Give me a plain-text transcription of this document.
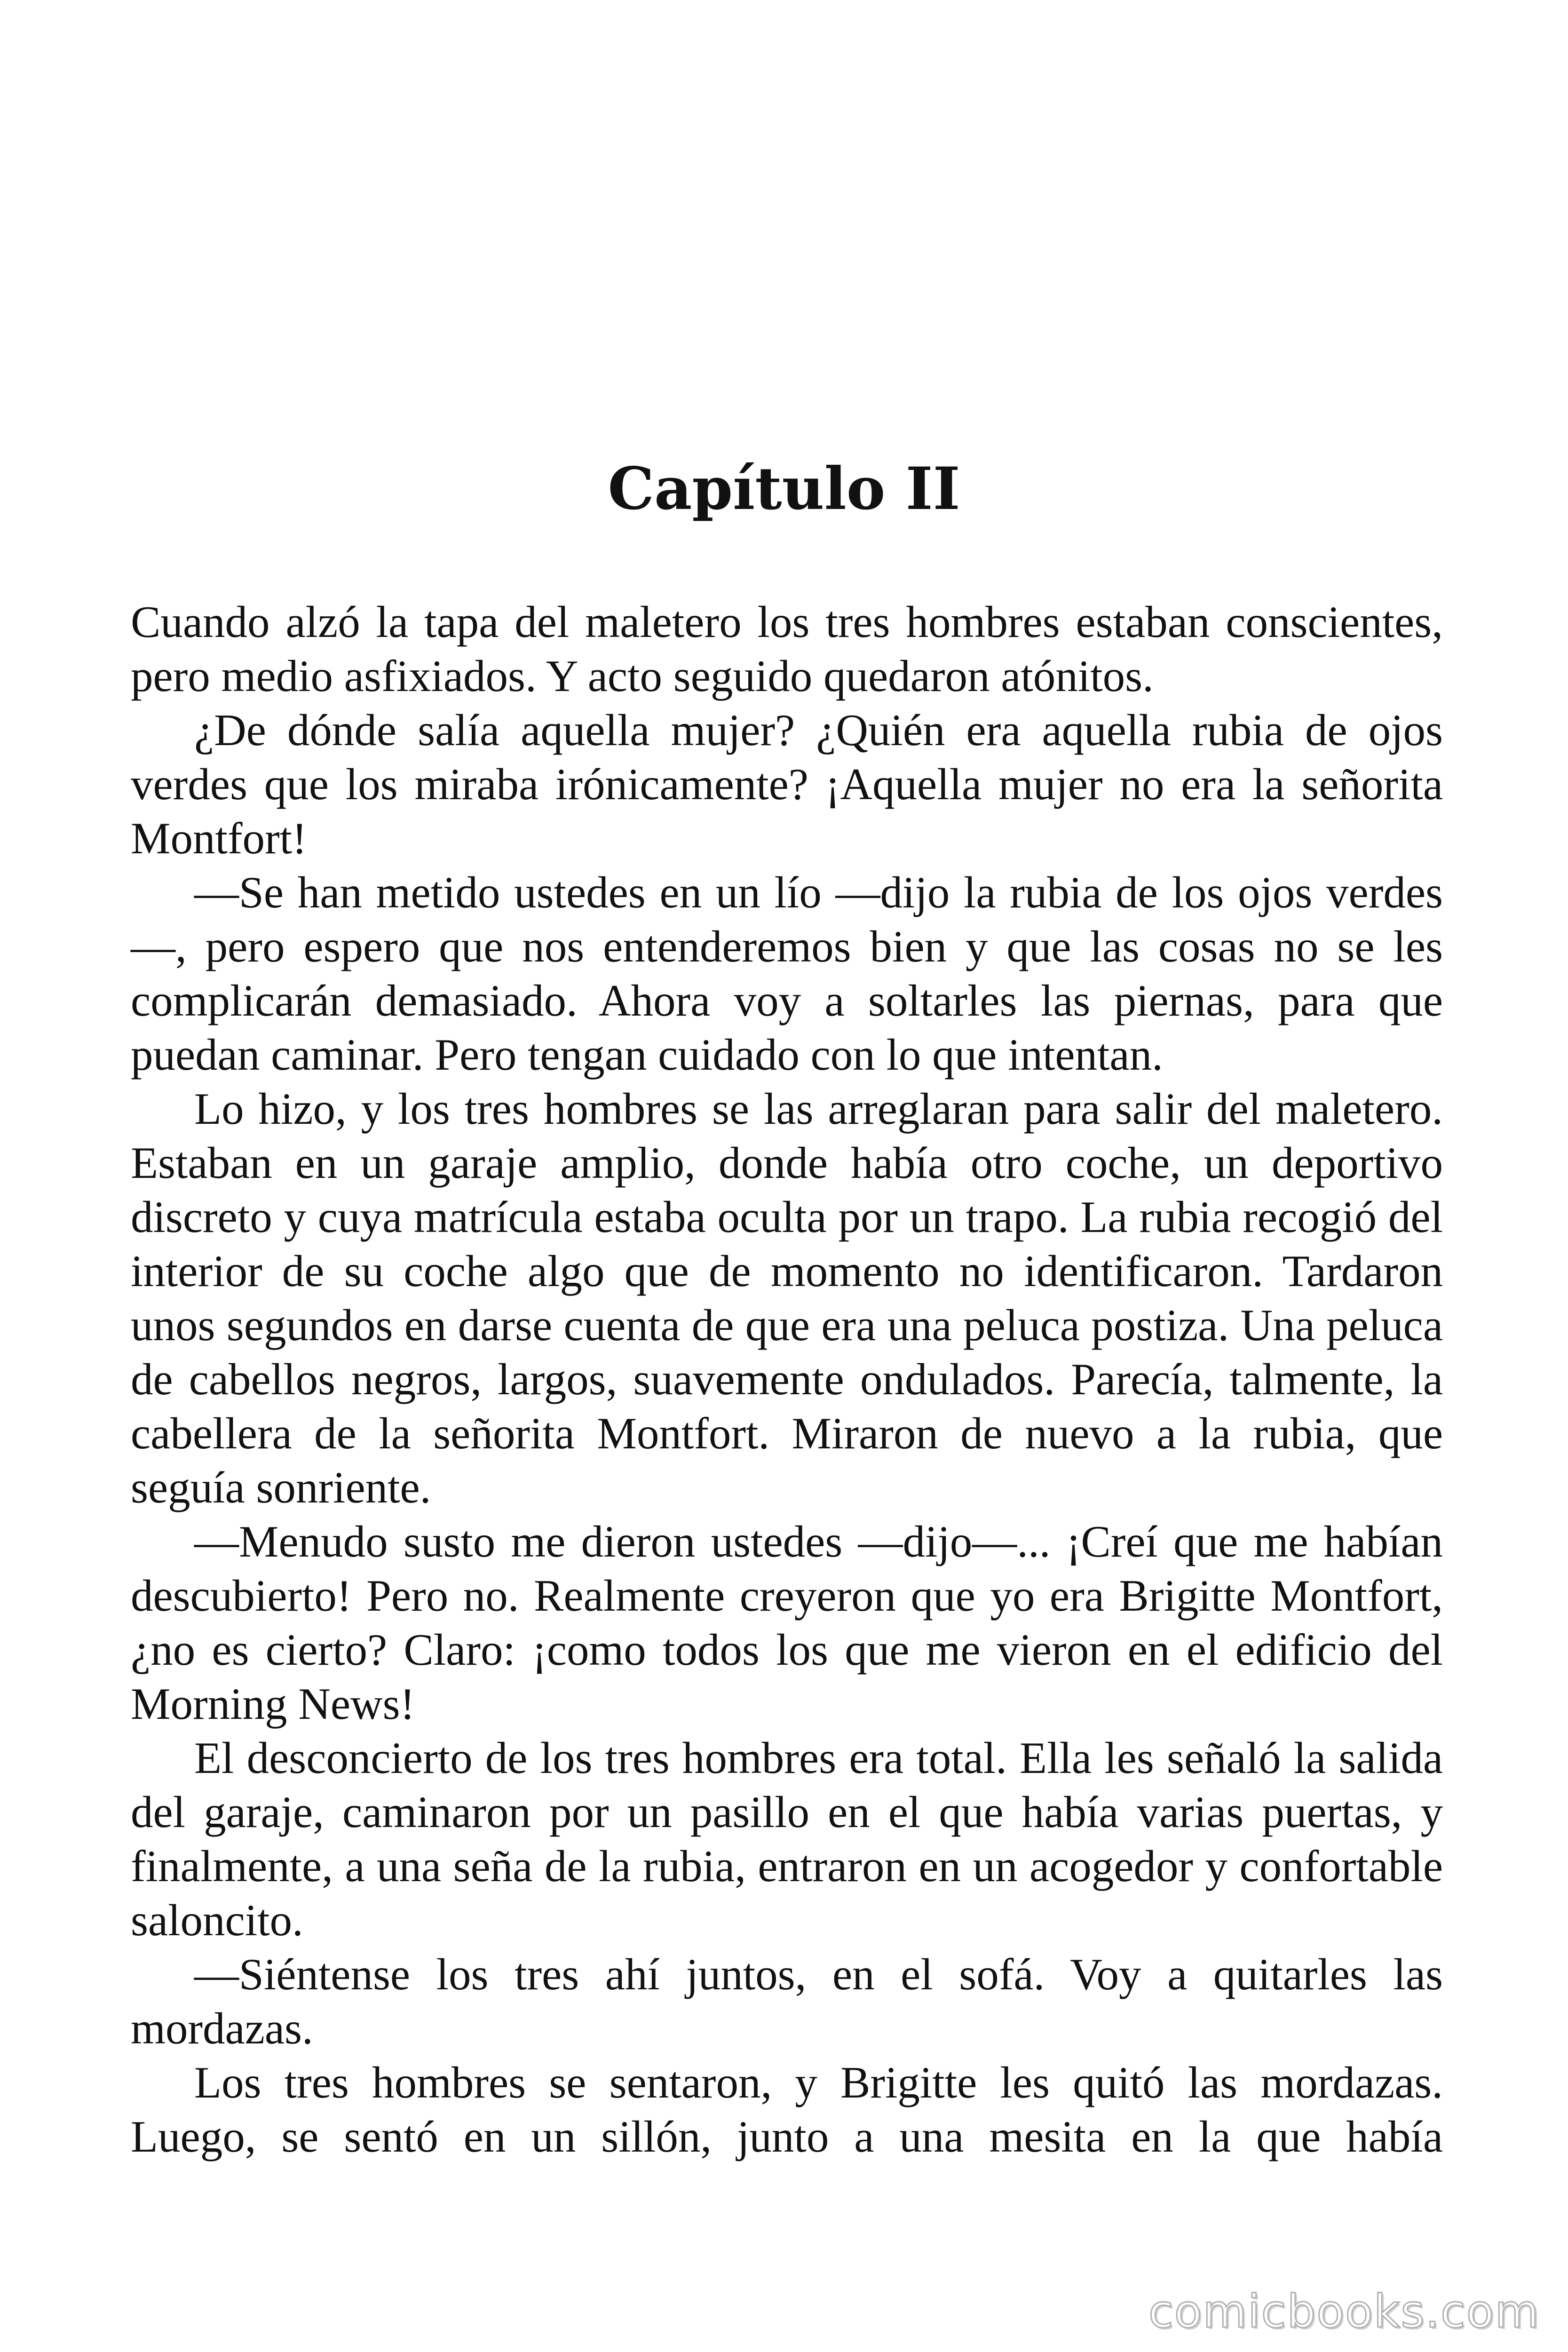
Capítulo II

Cuando alzó la tapa del maletero los tres hombres estaban conscientes, pero medio asfixiados. Y acto seguido quedaron atónitos.

¿De dónde salía aquella mujer? ¿Quién era aquella rubia de ojos verdes que los miraba irónicamente? ¡Aquella mujer no era la señorita Montfort!

—Se han metido ustedes en un lío —dijo la rubia de los ojos verdes—, pero espero que nos entenderemos bien y que las cosas no se les complicarán demasiado. Ahora voy a soltarles las piernas, para que puedan caminar. Pero tengan cuidado con lo que intentan.

Lo hizo, y los tres hombres se las arreglaran para salir del maletero. Estaban en un garaje amplio, donde había otro coche, un deportivo discreto y cuya matrícula estaba oculta por un trapo. La rubia recogió del interior de su coche algo que de momento no identificaron. Tardaron unos segundos en darse cuenta de que era una peluca postiza. Una peluca de cabellos negros, largos, suavemente ondulados. Parecía, talmente, la cabellera de la señorita Montfort. Miraron de nuevo a la rubia, que seguía sonriente.

—Menudo susto me dieron ustedes —dijo—... ¡Creí que me habían descubierto! Pero no. Realmente creyeron que yo era Brigitte Montfort, ¿no es cierto? Claro: ¡como todos los que me vieron en el edificio del Morning News!

El desconcierto de los tres hombres era total. Ella les señaló la salida del garaje, caminaron por un pasillo en el que había varias puertas, y finalmente, a una seña de la rubia, entraron en un acogedor y confortable saloncito.

—Siéntense los tres ahí juntos, en el sofá. Voy a quitarles las mordazas.

Los tres hombres se sentaron, y Brigitte les quitó las mordazas. Luego, se sentó en un sillón, junto a una mesita en la que había

comicbooks.com
